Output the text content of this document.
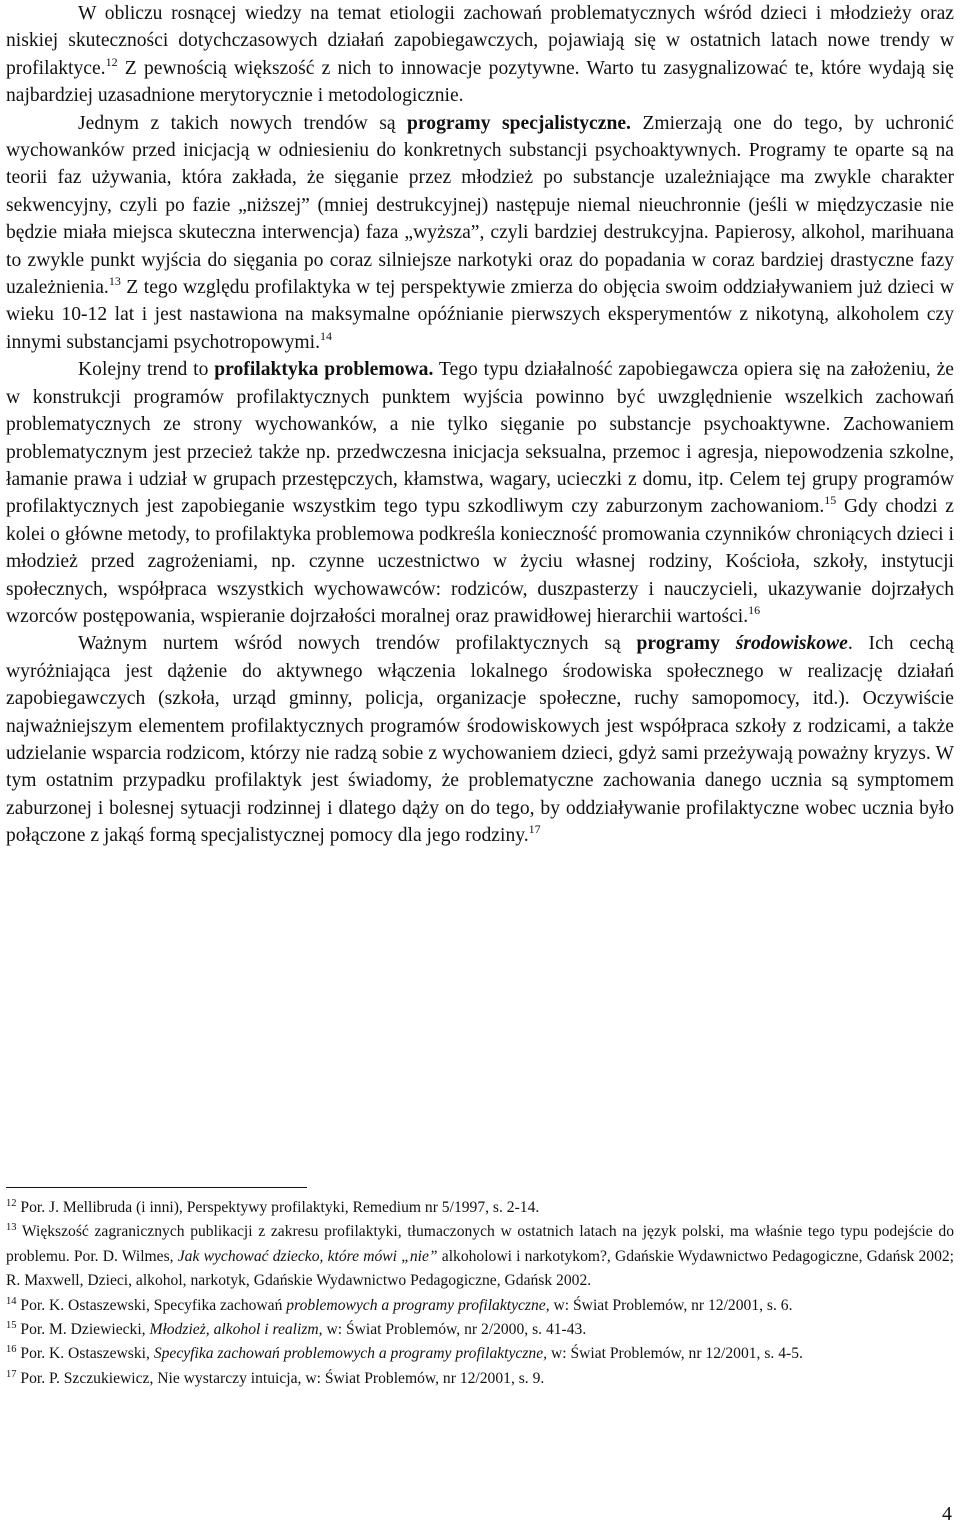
W obliczu rosnącej wiedzy na temat etiologii zachowań problematycznych wśród dzieci i młodzieży oraz niskiej skuteczności dotychczasowych działań zapobiegawczych, pojawiają się w ostatnich latach nowe trendy w profilaktyce.$^{12}$ Z pewnością większość z nich to innowacje pozytywne. Warto tu zasygnalizować te, które wydają się najbardziej uzasadnione merytorycznie i metodologicznie.

Jednym z takich nowych trendów są programy specjalistyczne. Zmierzają one do tego, by uchronić wychowanków przed inicjacją w odniesieniu do konkretnych substancji psychoaktywnych. Programy te oparte są na teorii faz używania, która zakłada, że sięganie przez młodzież po substancje uzależniające ma zwykle charakter sekwencyjny, czyli po fazie „niższej” (mniej destrukcyjnej) następuje niemal nieuchronnie (jeśli w międzyczasie nie będzie miała miejsca skuteczna interwencja) faza „wyższa”, czyli bardziej destrukcyjna. Papierosy, alkohol, marihuana to zwykle punkt wyjścia do sięgania po coraz silniejsze narkotyki oraz do popadania w coraz bardziej drastyczne fazy uzależnienia.$^{13}$ Z tego względu profilaktyka w tej perspektywie zmierza do objęcia swoim oddziaływaniem już dzieci w wieku 10-12 lat i jest nastawiona na maksymalne opóźnianie pierwszych eksperymentów z nikotyną, alkoholem czy innymi substancjami psychotropowymi.$^{14}$

Kolejny trend to profilaktyka problemowa. Tego typu działalność zapobiegawcza opiera się na założeniu, że w konstrukcji programów profilaktycznych punktem wyjścia powinno być uwzględnienie wszelkich zachowań problematycznych ze strony wychowanków, a nie tylko sięganie po substancje psychoaktywne. Zachowaniem problematycznym jest przecież także np. przedwczesna inicjacja seksualna, przemoc i agresja, niepowodzenia szkolne, łamanie prawa i udział w grupach przestępczych, kłamstwa, wagary, ucieczki z domu, itp. Celem tej grupy programów profilaktycznych jest zapobieganie wszystkim tego typu szkodliwym czy zaburzonym zachowaniom.$^{15}$ Gdy chodzi z kolei o główne metody, to profilaktyka problemowa podkreśla konieczność promowania czynników chroniących dzieci i młodzież przed zagrożeniami, np. czynne uczestnictwo w życiu własnej rodziny, Kościoła, szkoły, instytucji społecznych, współpraca wszystkich wychowawców: rodziców, duszpasterzy i nauczycieli, ukazywanie dojrzałych wzorców postępowania, wspieranie dojrzałości moralnej oraz prawidłowej hierarchii wartości.$^{16}$

Ważnym nurtem wśród nowych trendów profilaktycznych są programy środowiskowe. Ich cechą wyróżniająca jest dążenie do aktywnego włączenia lokalnego środowiska społecznego w realizację działań zapobiegawczych (szkoła, urząd gminny, policja, organizacje społeczne, ruchy samopomocy, itd.). Oczywiście najważniejszym elementem profilaktycznych programów środowiskowych jest współpraca szkoły z rodzicami, a także udzielanie wsparcia rodzicom, którzy nie radzą sobie z wychowaniem dzieci, gdyż sami przeżywają poważny kryzys. W tym ostatnim przypadku profilaktyk jest świadomy, że problematyczne zachowania danego ucznia są symptomem zaburzonej i bolesnej sytuacji rodzinnej i dlatego dąży on do tego, by oddziaływanie profilaktyczne wobec ucznia było połączone z jakąś formą specjalistycznej pomocy dla jego rodziny.$^{17}$

$^{12}$ Por. J. Mellibruda (i inni), Perspektywy profilaktyki, Remedium nr 5/1997, s. 2-14.

$^{13}$ Większość zagranicznych publikacji z zakresu profilaktyki, tłumaczonych w ostatnich latach na język polski, ma właśnie tego typu podejście do problemu. Por. D. Wilmes, Jak wychować dziecko, które mówi „nie” alkoholowi i narkotykom?, Gdańskie Wydawnictwo Pedagogiczne, Gdańsk 2002; R. Maxwell, Dzieci, alkohol, narkotyk, Gdańskie Wydawnictwo Pedagogiczne, Gdańsk 2002.

$^{14}$ Por. K. Ostaszewski, Specyfika zachowań problemowych a programy profilaktyczne, w: Świat Problemów, nr 12/2001, s. 6.

$^{15}$ Por. M. Dziewiecki, Młodzież, alkohol i realizm, w: Świat Problemów, nr 2/2000, s. 41-43.

$^{16}$ Por. K. Ostaszewski, Specyfika zachowań problemowych a programy profilaktyczne, w: Świat Problemów, nr 12/2001, s. 4-5.

$^{17}$ Por. P. Szczukiewicz, Nie wystarczy intuicja, w: Świat Problemów, nr 12/2001, s. 9.

4
